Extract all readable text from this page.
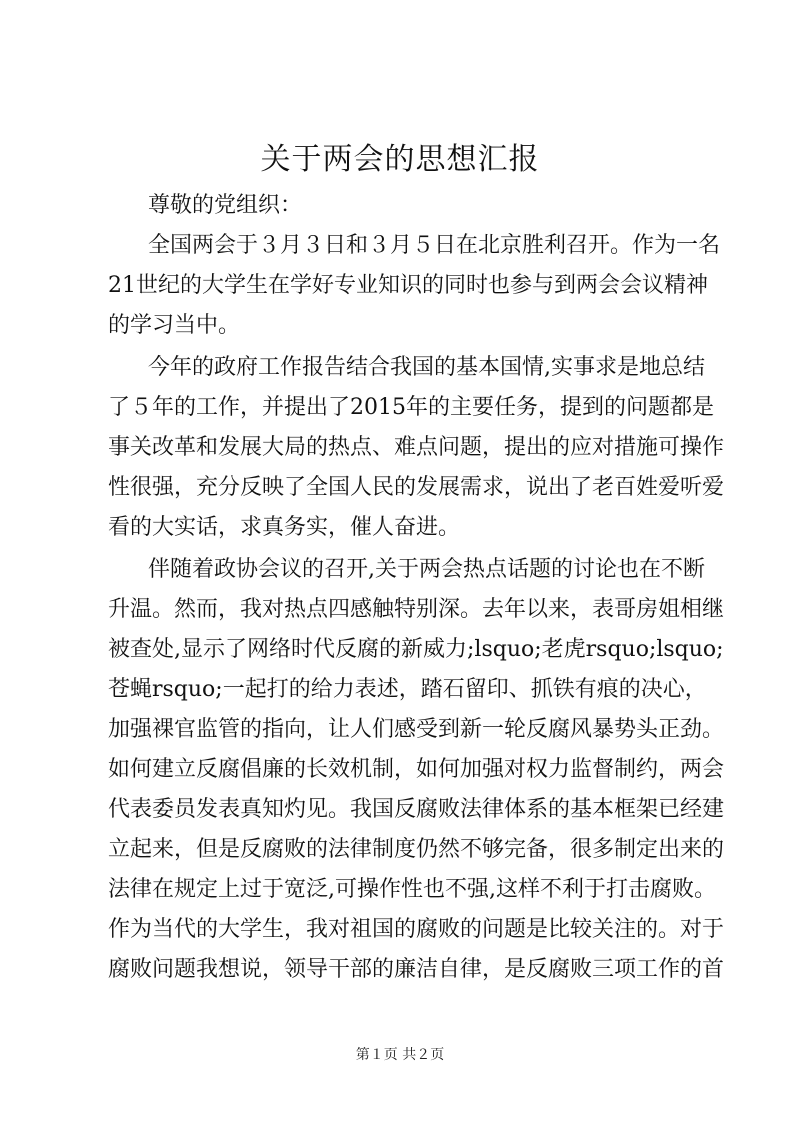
关于两会的思想汇报
尊敬的党组织：
全国两会于３月３日和３月５日在北京胜利召开。作为一名
21世纪的大学生在学好专业知识的同时也参与到两会会议精神
的学习当中。
今年的政府工作报告结合我国的基本国情,实事求是地总结
了５年的工作，并提出了2015年的主要任务，提到的问题都是
事关改革和发展大局的热点、难点问题，提出的应对措施可操作
性很强，充分反映了全国人民的发展需求，说出了老百姓爱听爱
看的大实话，求真务实，催人奋进。
伴随着政协会议的召开,关于两会热点话题的讨论也在不断
升温。然而，我对热点四感触特别深。去年以来，表哥房姐相继
被查处,显示了网络时代反腐的新威力;lsquo;老虎rsquo;lsquo;
苍蝇rsquo;一起打的给力表述，踏石留印、抓铁有痕的决心，
加强裸官监管的指向，让人们感受到新一轮反腐风暴势头正劲。
如何建立反腐倡廉的长效机制，如何加强对权力监督制约，两会
代表委员发表真知灼见。我国反腐败法律体系的基本框架已经建
立起来，但是反腐败的法律制度仍然不够完备，很多制定出来的
法律在规定上过于宽泛,可操作性也不强,这样不利于打击腐败。
作为当代的大学生，我对祖国的腐败的问题是比较关注的。对于
腐败问题我想说，领导干部的廉洁自律，是反腐败三项工作的首
第１页 共２页
